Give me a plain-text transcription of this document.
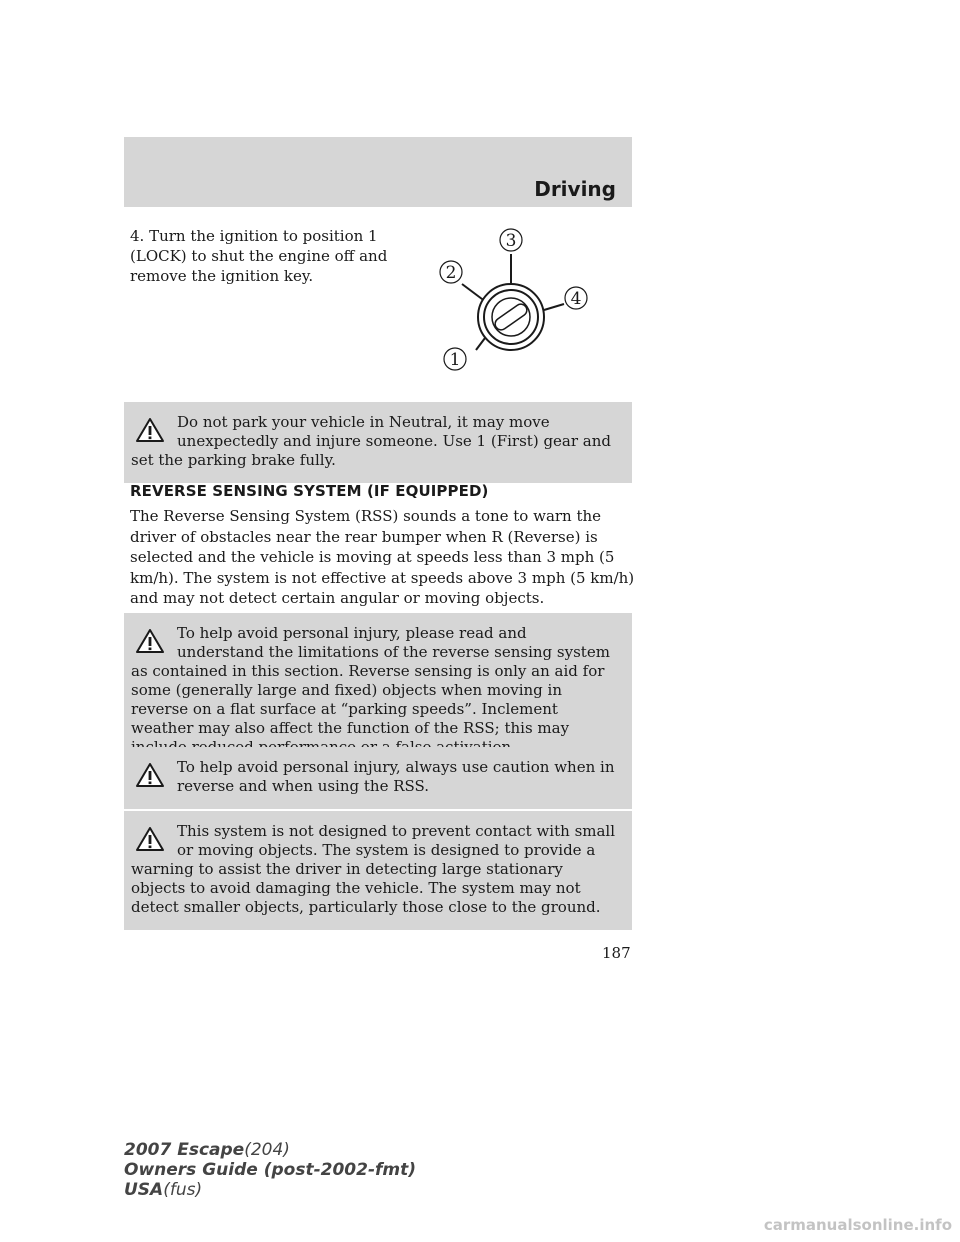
Driving

4. Turn the ignition to position 1 (LOCK) to shut the engine off and remove the ignition key.

3
2
4
1

Do not park your vehicle in Neutral, it may move unexpectedly and injure someone. Use 1 (First) gear and set the parking brake fully.

REVERSE SENSING SYSTEM (IF EQUIPPED)

The Reverse Sensing System (RSS) sounds a tone to warn the driver of obstacles near the rear bumper when R (Reverse) is selected and the vehicle is moving at speeds less than 3 mph (5 km/h). The system is not effective at speeds above 3 mph (5 km/h) and may not detect certain angular or moving objects.

To help avoid personal injury, please read and understand the limitations of the reverse sensing system as contained in this section. Reverse sensing is only an aid for some (generally large and fixed) objects when moving in reverse on a flat surface at “parking speeds”. Inclement weather may also affect the function of the RSS; this may

To help avoid personal injury, always use caution when in reverse and when using the RSS.

This system is not designed to prevent contact with small or moving objects. The system is designed to provide a warning to assist the driver in detecting large stationary objects to avoid damaging the vehicle. The system may not detect smaller objects, particularly those close to the ground.

187
2007 Escape(204)
Owners Guide (post-2002-fmt)
USA(fus)
carmanualsonline.info
